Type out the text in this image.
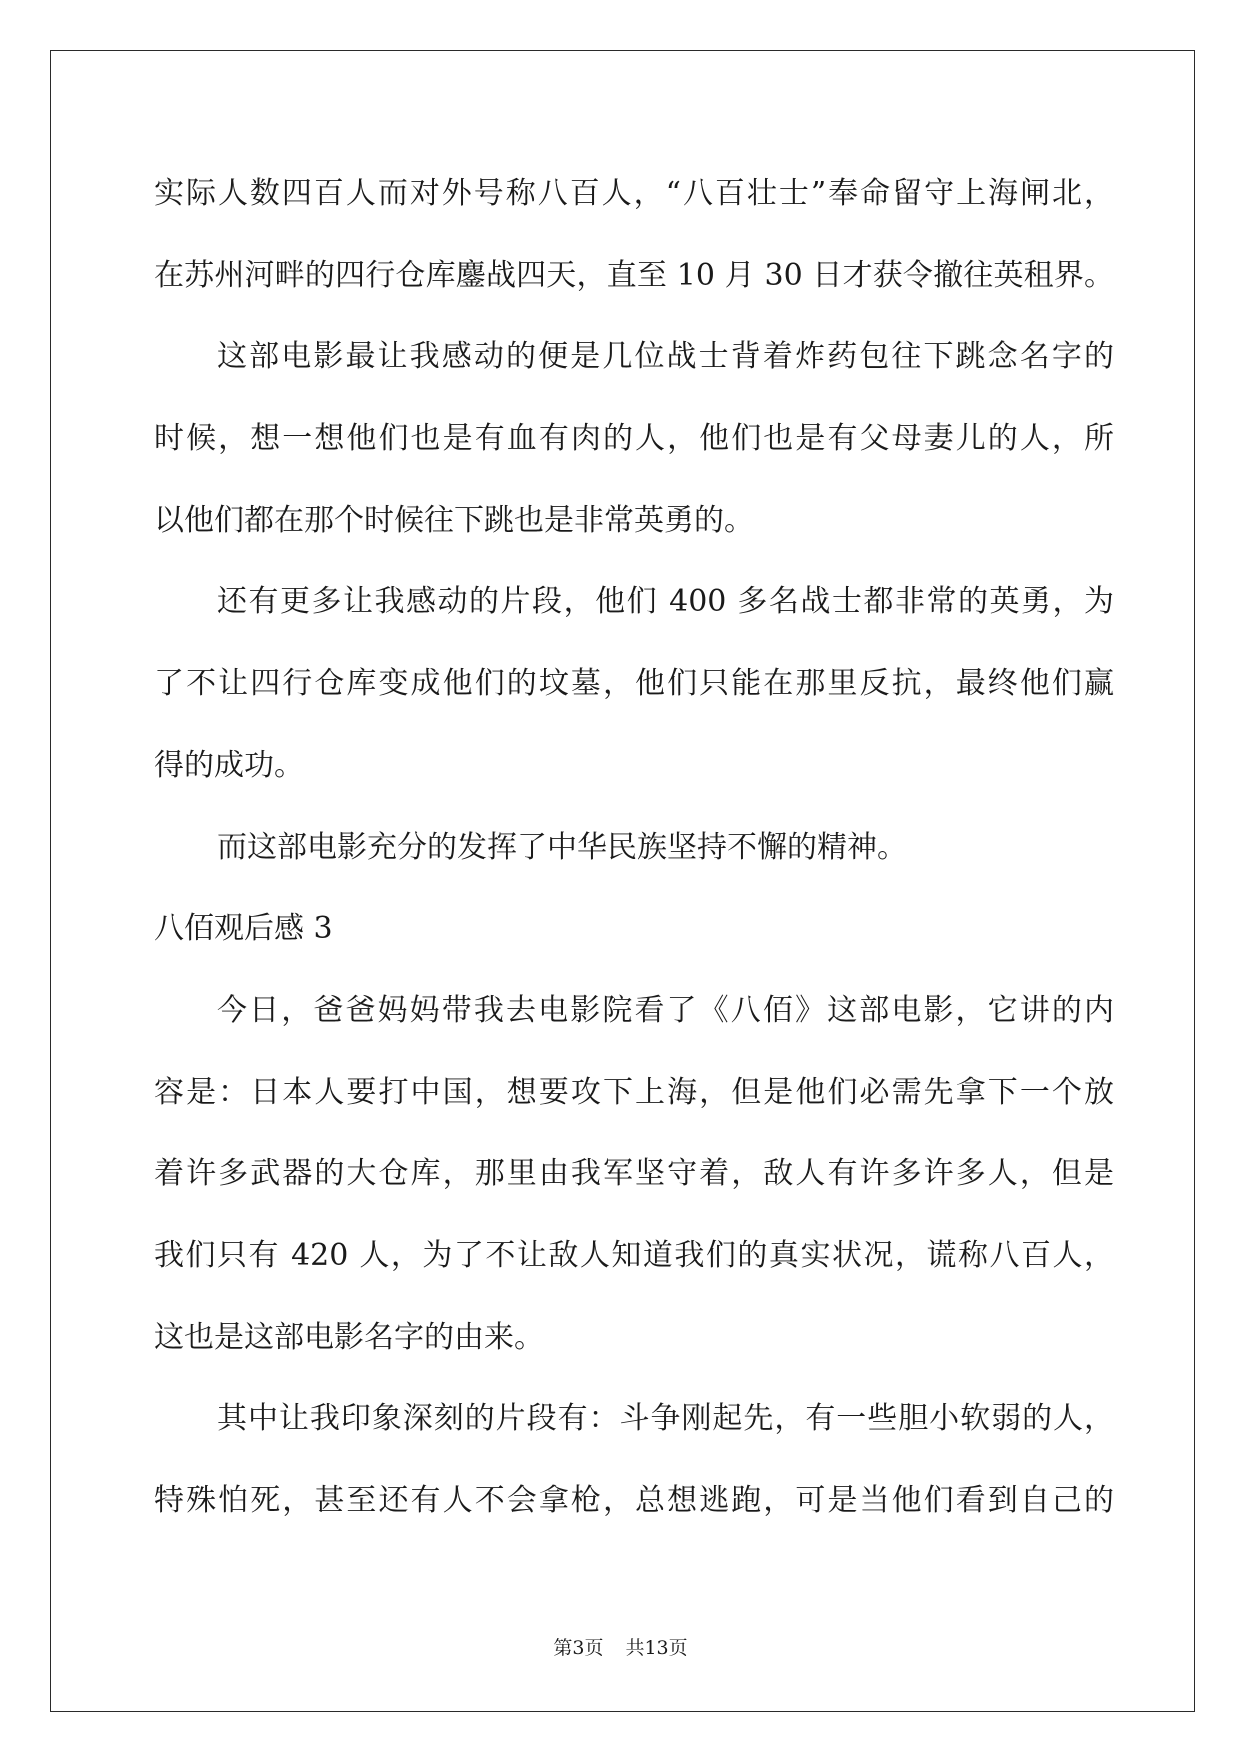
实际人数四百人而对外号称八百人，“八百壮士”奉命留守上海闸北，
在苏州河畔的四行仓库鏖战四天，直至 10 月 30 日才获令撤往英租界。
这部电影最让我感动的便是几位战士背着炸药包往下跳念名字的
时候，想一想他们也是有血有肉的人，他们也是有父母妻儿的人，所
以他们都在那个时候往下跳也是非常英勇的。
还有更多让我感动的片段，他们 400 多名战士都非常的英勇，为
了不让四行仓库变成他们的坟墓，他们只能在那里反抗，最终他们赢
得的成功。
而这部电影充分的发挥了中华民族坚持不懈的精神。
八佰观后感 3
今日，爸爸妈妈带我去电影院看了《八佰》这部电影，它讲的内
容是：日本人要打中国，想要攻下上海，但是他们必需先拿下一个放
着许多武器的大仓库，那里由我军坚守着，敌人有许多许多人，但是
我们只有 420 人，为了不让敌人知道我们的真实状况，谎称八百人，
这也是这部电影名字的由来。
其中让我印象深刻的片段有：斗争刚起先，有一些胆小软弱的人，
特殊怕死，甚至还有人不会拿枪，总想逃跑，可是当他们看到自己的
第3页 共13页
